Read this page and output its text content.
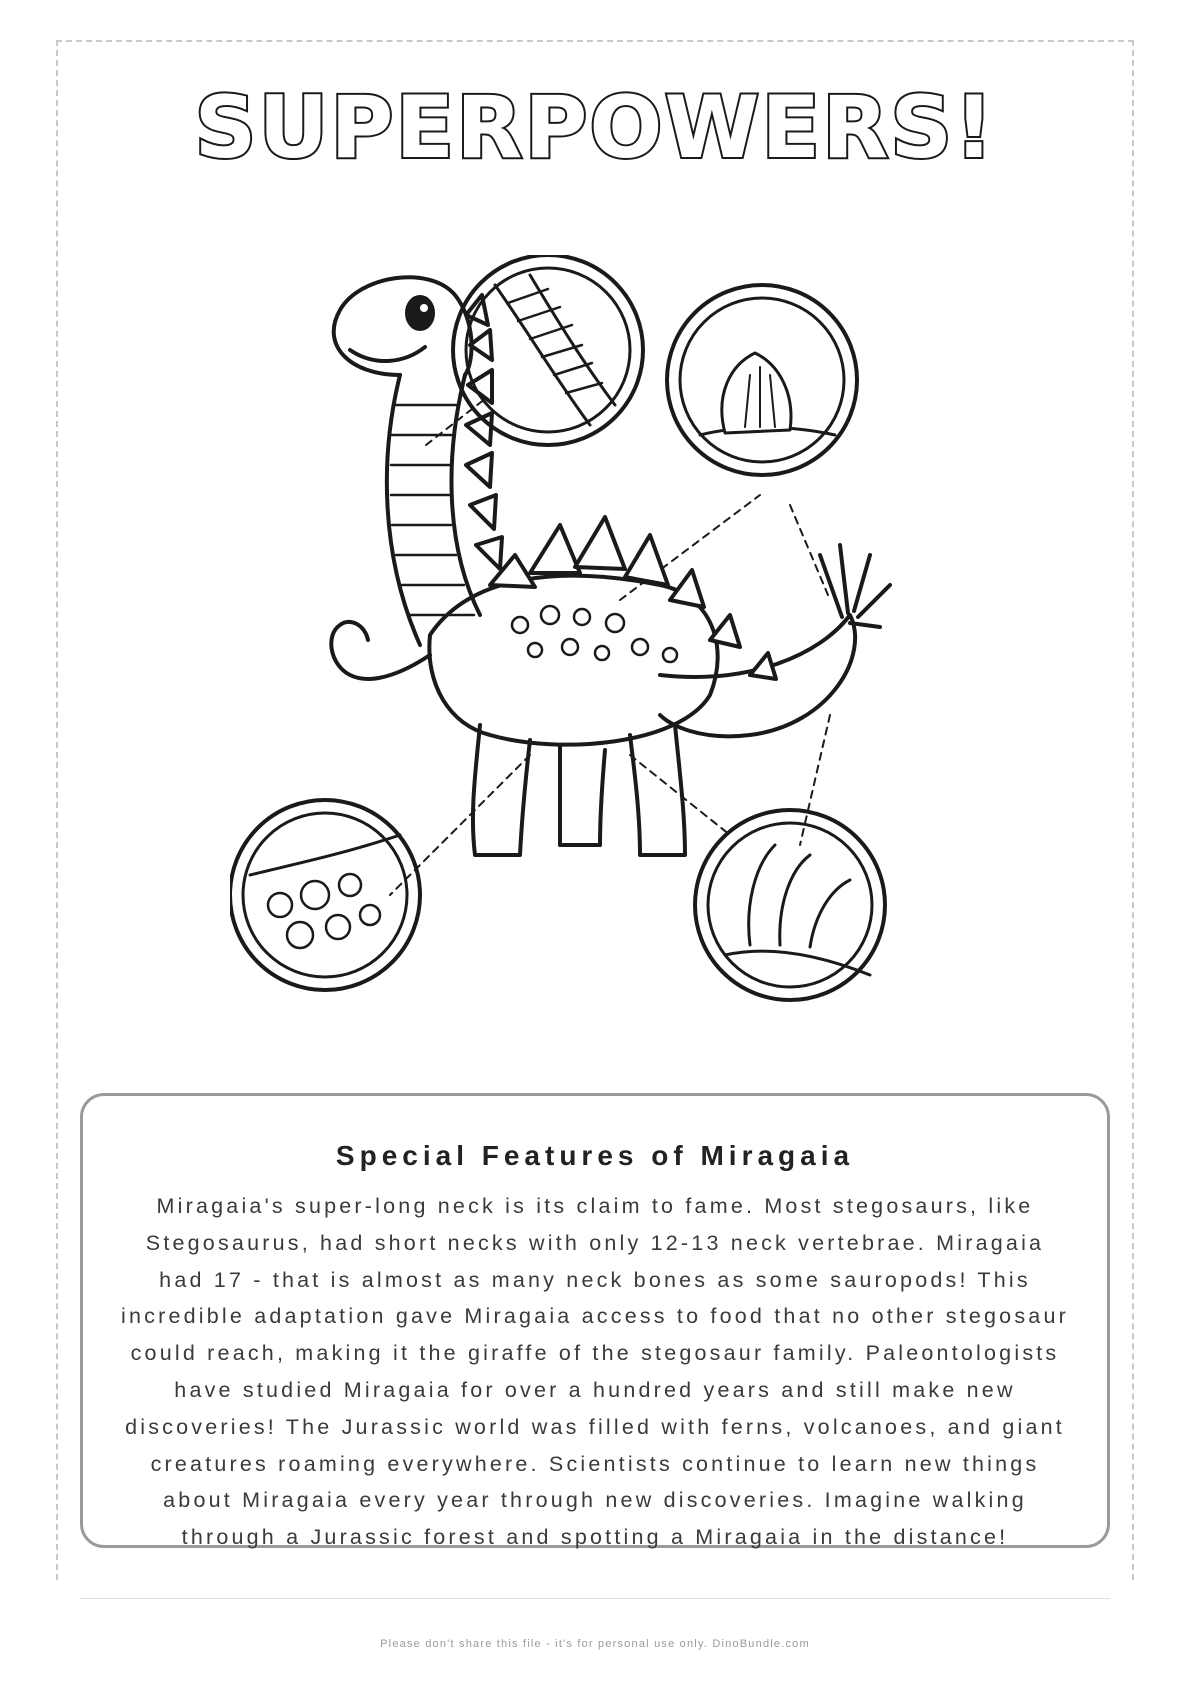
SUPERPOWERS!
Special Features of Miragaia
Miragaia's super-long neck is its claim to fame. Most stegosaurs, like Stegosaurus, had short necks with only 12-13 neck vertebrae. Miragaia had 17 - that is almost as many neck bones as some sauropods! This incredible adaptation gave Miragaia access to food that no other stegosaur could reach, making it the giraffe of the stegosaur family. Paleontologists have studied Miragaia for over a hundred years and still make new discoveries! The Jurassic world was filled with ferns, volcanoes, and giant creatures roaming everywhere. Scientists continue to learn new things about Miragaia every year through new discoveries. Imagine walking through a Jurassic forest and spotting a Miragaia in the distance!
Please don't share this file - it's for personal use only. DinoBundle.com
